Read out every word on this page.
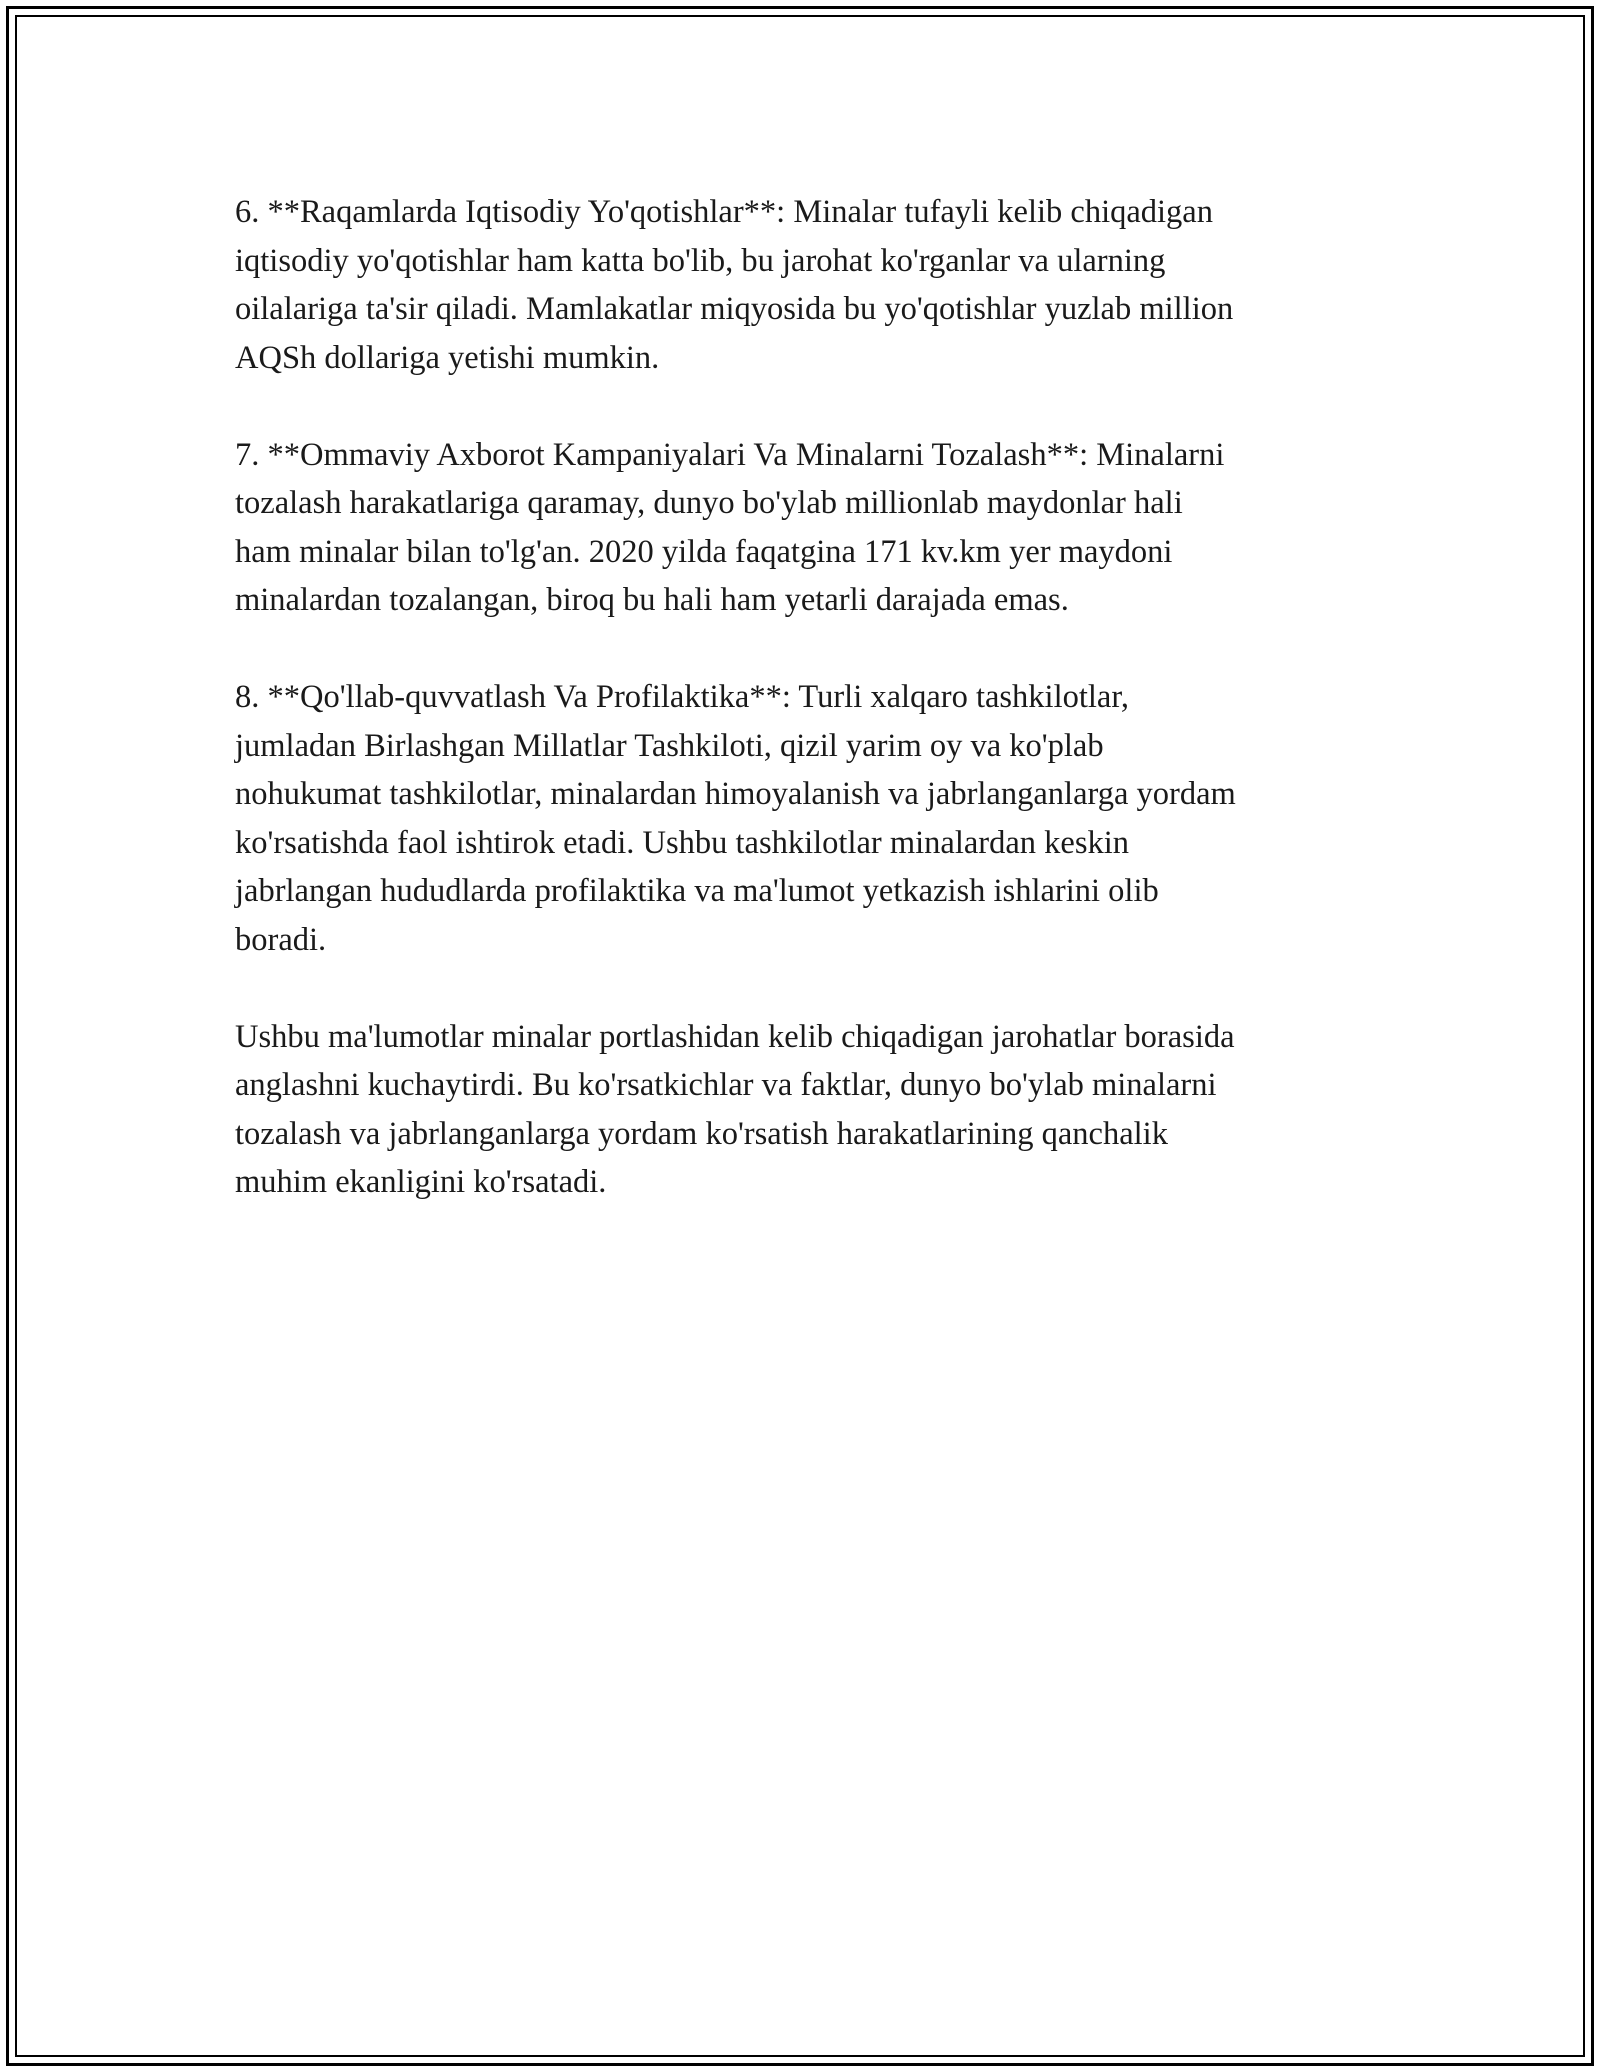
6. **Raqamlarda Iqtisodiy Yo'qotishlar**: Minalar tufayli kelib chiqadigan
iqtisodiy yo'qotishlar ham katta bo'lib, bu jarohat ko'rganlar va ularning
oilalariga ta'sir qiladi. Mamlakatlar miqyosida bu yo'qotishlar yuzlab million
AQSh dollariga yetishi mumkin.

7. **Ommaviy Axborot Kampaniyalari Va Minalarni Tozalash**: Minalarni
tozalash harakatlariga qaramay, dunyo bo'ylab millionlab maydonlar hali
ham minalar bilan to'lg'an. 2020 yilda faqatgina 171 kv.km yer maydoni
minalardan tozalangan, biroq bu hali ham yetarli darajada emas.

8. **Qo'llab-quvvatlash Va Profilaktika**: Turli xalqaro tashkilotlar,
jumladan Birlashgan Millatlar Tashkiloti, qizil yarim oy va ko'plab
nohukumat tashkilotlar, minalardan himoyalanish va jabrlanganlarga yordam
ko'rsatishda faol ishtirok etadi. Ushbu tashkilotlar minalardan keskin
jabrlangan hududlarda profilaktika va ma'lumot yetkazish ishlarini olib
boradi.

Ushbu ma'lumotlar minalar portlashidan kelib chiqadigan jarohatlar borasida
anglashni kuchaytirdi. Bu ko'rsatkichlar va faktlar, dunyo bo'ylab minalarni
tozalash va jabrlanganlarga yordam ko'rsatish harakatlarining qanchalik
muhim ekanligini ko'rsatadi.
